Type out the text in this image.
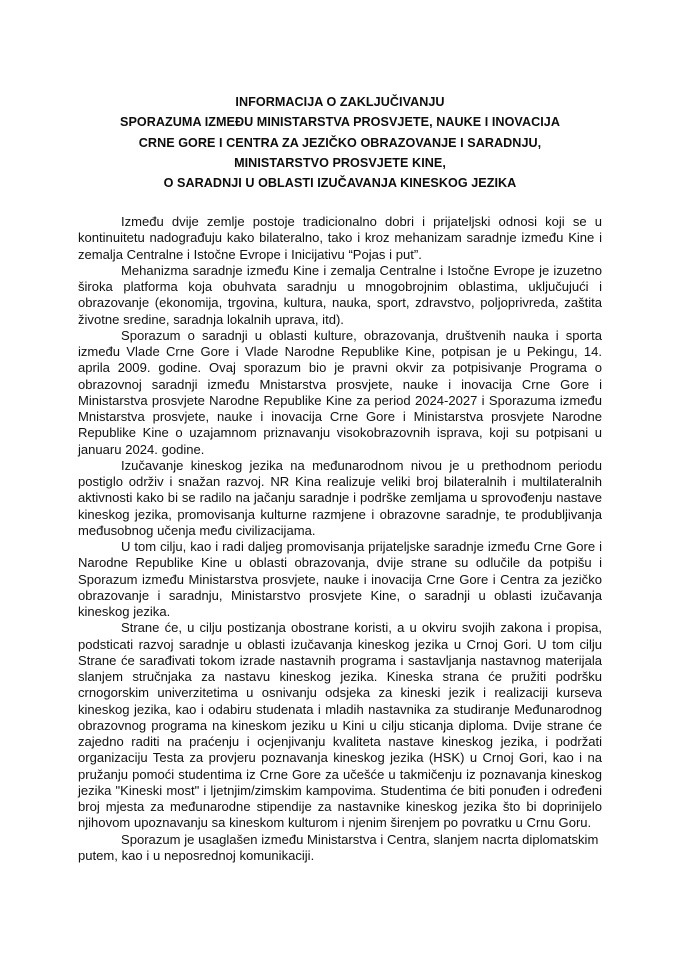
INFORMACIJA O ZAKLJUČIVANJU
SPORAZUMA IZMEĐU MINISTARSTVA PROSVJETE, NAUKE I INOVACIJA
CRNE GORE I CENTRA ZA JEZIČKO OBRAZOVANJE I SARADNJU,
MINISTARSTVO PROSVJETE KINE,
O SARADNJI U OBLASTI IZUČAVANJA KINESKOG JEZIKA

Između dvije zemlje postoje tradicionalno dobri i prijateljski odnosi koji se u kontinuitetu nadograđuju kako bilateralno, tako i kroz mehanizam saradnje između Kine i zemalja Centralne i Istočne Evrope i Inicijativu “Pojas i put”.

Mehanizma saradnje između Kine i zemalja Centralne i Istočne Evrope je izuzetno široka platforma koja obuhvata saradnju u mnogobrojnim oblastima, uključujući i obrazovanje (ekonomija, trgovina, kultura, nauka, sport, zdravstvo, poljoprivreda, zaštita životne sredine, saradnja lokalnih uprava, itd).

Sporazum o saradnji u oblasti kulture, obrazovanja, društvenih nauka i sporta između Vlade Crne Gore i Vlade Narodne Republike Kine, potpisan je u Pekingu, 14. aprila 2009. godine. Ovaj sporazum bio je pravni okvir za potpisivanje Programa o obrazovnoj saradnji između Mnistarstva prosvjete, nauke i inovacija Crne Gore i Ministarstva prosvjete Narodne Republike Kine za period 2024-2027 i Sporazuma između Mnistarstva prosvjete, nauke i inovacija Crne Gore i Ministarstva prosvjete Narodne Republike Kine o uzajamnom priznavanju visokobrazovnih isprava, koji su potpisani u januaru 2024. godine.

Izučavanje kineskog jezika na međunarodnom nivou je u prethodnom periodu postiglo održiv i snažan razvoj. NR Kina realizuje veliki broj bilateralnih i multilateralnih aktivnosti kako bi se radilo na jačanju saradnje i podrške zemljama u sprovođenju nastave kineskog jezika, promovisanja kulturne razmjene i obrazovne saradnje, te produbljivanja međusobnog učenja među civilizacijama.

U tom cilju, kao i radi daljeg promovisanja prijateljske saradnje između Crne Gore i Narodne Republike Kine u oblasti obrazovanja, dvije strane su odlučile da potpišu i Sporazum između Ministarstva prosvjete, nauke i inovacija Crne Gore i Centra za jezičko obrazovanje i saradnju, Ministarstvo prosvjete Kine, o saradnji u oblasti izučavanja kineskog jezika.

Strane će, u cilju postizanja obostrane koristi, a u okviru svojih zakona i propisa, podsticati razvoj saradnje u oblasti izučavanja kineskog jezika u Crnoj Gori. U tom cilju Strane će sarađivati tokom izrade nastavnih programa i sastavljanja nastavnog materijala slanjem stručnjaka za nastavu kineskog jezika. Kineska strana će pružiti podršku crnogorskim univerzitetima u osnivanju odsjeka za kineski jezik i realizaciji kurseva kineskog jezika, kao i odabiru studenata i mladih nastavnika za studiranje Međunarodnog obrazovnog programa na kineskom jeziku u Kini u cilju sticanja diploma. Dvije strane će zajedno raditi na praćenju i ocjenjivanju kvaliteta nastave kineskog jezika, i podržati organizaciju Testa za provjeru poznavanja kineskog jezika (HSK) u Crnoj Gori, kao i na pružanju pomoći studentima iz Crne Gore za učešće u takmičenju iz poznavanja kineskog jezika "Kineski most" i ljetnjim/zimskim kampovima. Studentima će biti ponuđen i određeni broj mjesta za međunarodne stipendije za nastavnike kineskog jezika što bi doprinijelo njihovom upoznavanju sa kineskom kulturom i njenim širenjem po povratku u Crnu Goru.

Sporazum je usaglašen između Ministarstva i Centra, slanjem nacrta diplomatskim putem, kao i u neposrednoj komunikaciji.
